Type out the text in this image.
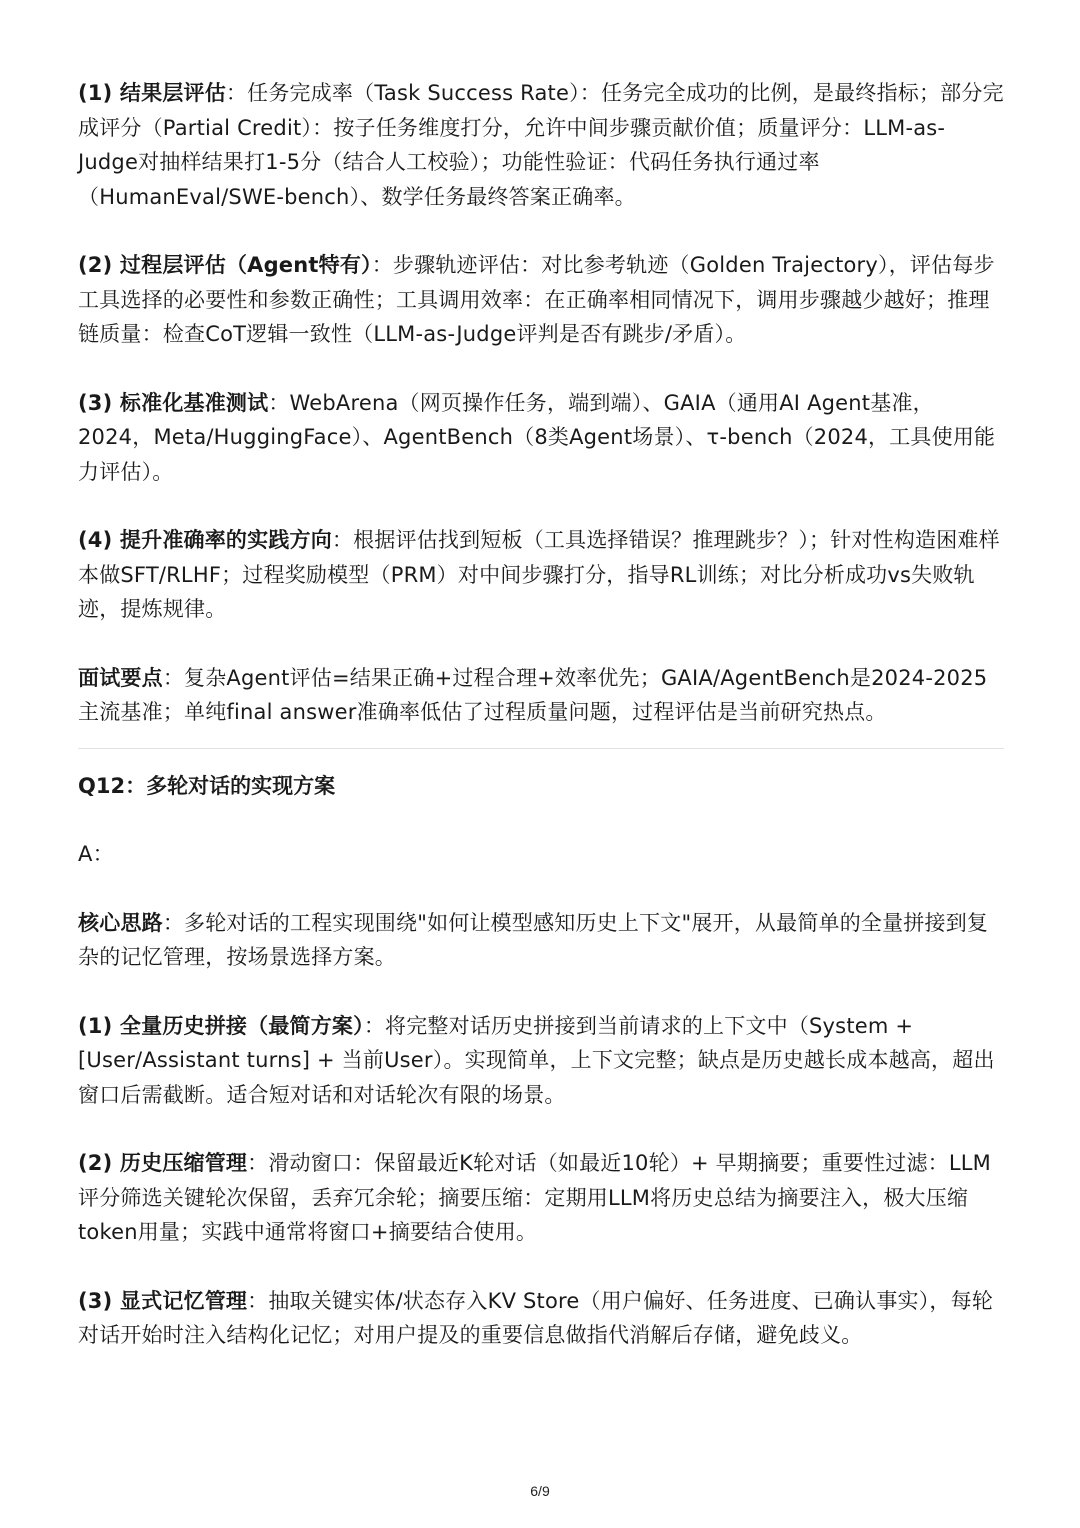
(1) 结果层评估：任务完成率（Task Success Rate）：任务完全成功的比例，是最终指标；部分完成评分（Partial Credit）：按子任务维度打分，允许中间步骤贡献价值；质量评分：LLM-as-Judge对抽样结果打1-5分（结合人工校验）；功能性验证：代码任务执行通过率（HumanEval/SWE-bench）、数学任务最终答案正确率。

(2) 过程层评估（Agent特有）：步骤轨迹评估：对比参考轨迹（Golden Trajectory），评估每步工具选择的必要性和参数正确性；工具调用效率：在正确率相同情况下，调用步骤越少越好；推理链质量：检查CoT逻辑一致性（LLM-as-Judge评判是否有跳步/矛盾）。

(3) 标准化基准测试：WebArena（网页操作任务，端到端）、GAIA（通用AI Agent基准，2024，Meta/HuggingFace）、AgentBench（8类Agent场景）、τ-bench（2024，工具使用能力评估）。

(4) 提升准确率的实践方向：根据评估找到短板（工具选择错误？推理跳步？）；针对性构造困难样本做SFT/RLHF；过程奖励模型（PRM）对中间步骤打分，指导RL训练；对比分析成功vs失败轨迹，提炼规律。

面试要点：复杂Agent评估=结果正确+过程合理+效率优先；GAIA/AgentBench是2024-2025主流基准；单纯final answer准确率低估了过程质量问题，过程评估是当前研究热点。

Q12：多轮对话的实现方案

A：

核心思路：多轮对话的工程实现围绕"如何让模型感知历史上下文"展开，从最简单的全量拼接到复杂的记忆管理，按场景选择方案。

(1) 全量历史拼接（最简方案）：将完整对话历史拼接到当前请求的上下文中（System + [User/Assistant turns] + 当前User）。实现简单，上下文完整；缺点是历史越长成本越高，超出窗口后需截断。适合短对话和对话轮次有限的场景。

(2) 历史压缩管理：滑动窗口：保留最近K轮对话（如最近10轮）+ 早期摘要；重要性过滤：LLM评分筛选关键轮次保留，丢弃冗余轮；摘要压缩：定期用LLM将历史总结为摘要注入，极大压缩token用量；实践中通常将窗口+摘要结合使用。

(3) 显式记忆管理：抽取关键实体/状态存入KV Store（用户偏好、任务进度、已确认事实），每轮对话开始时注入结构化记忆；对用户提及的重要信息做指代消解后存储，避免歧义。

6/9
